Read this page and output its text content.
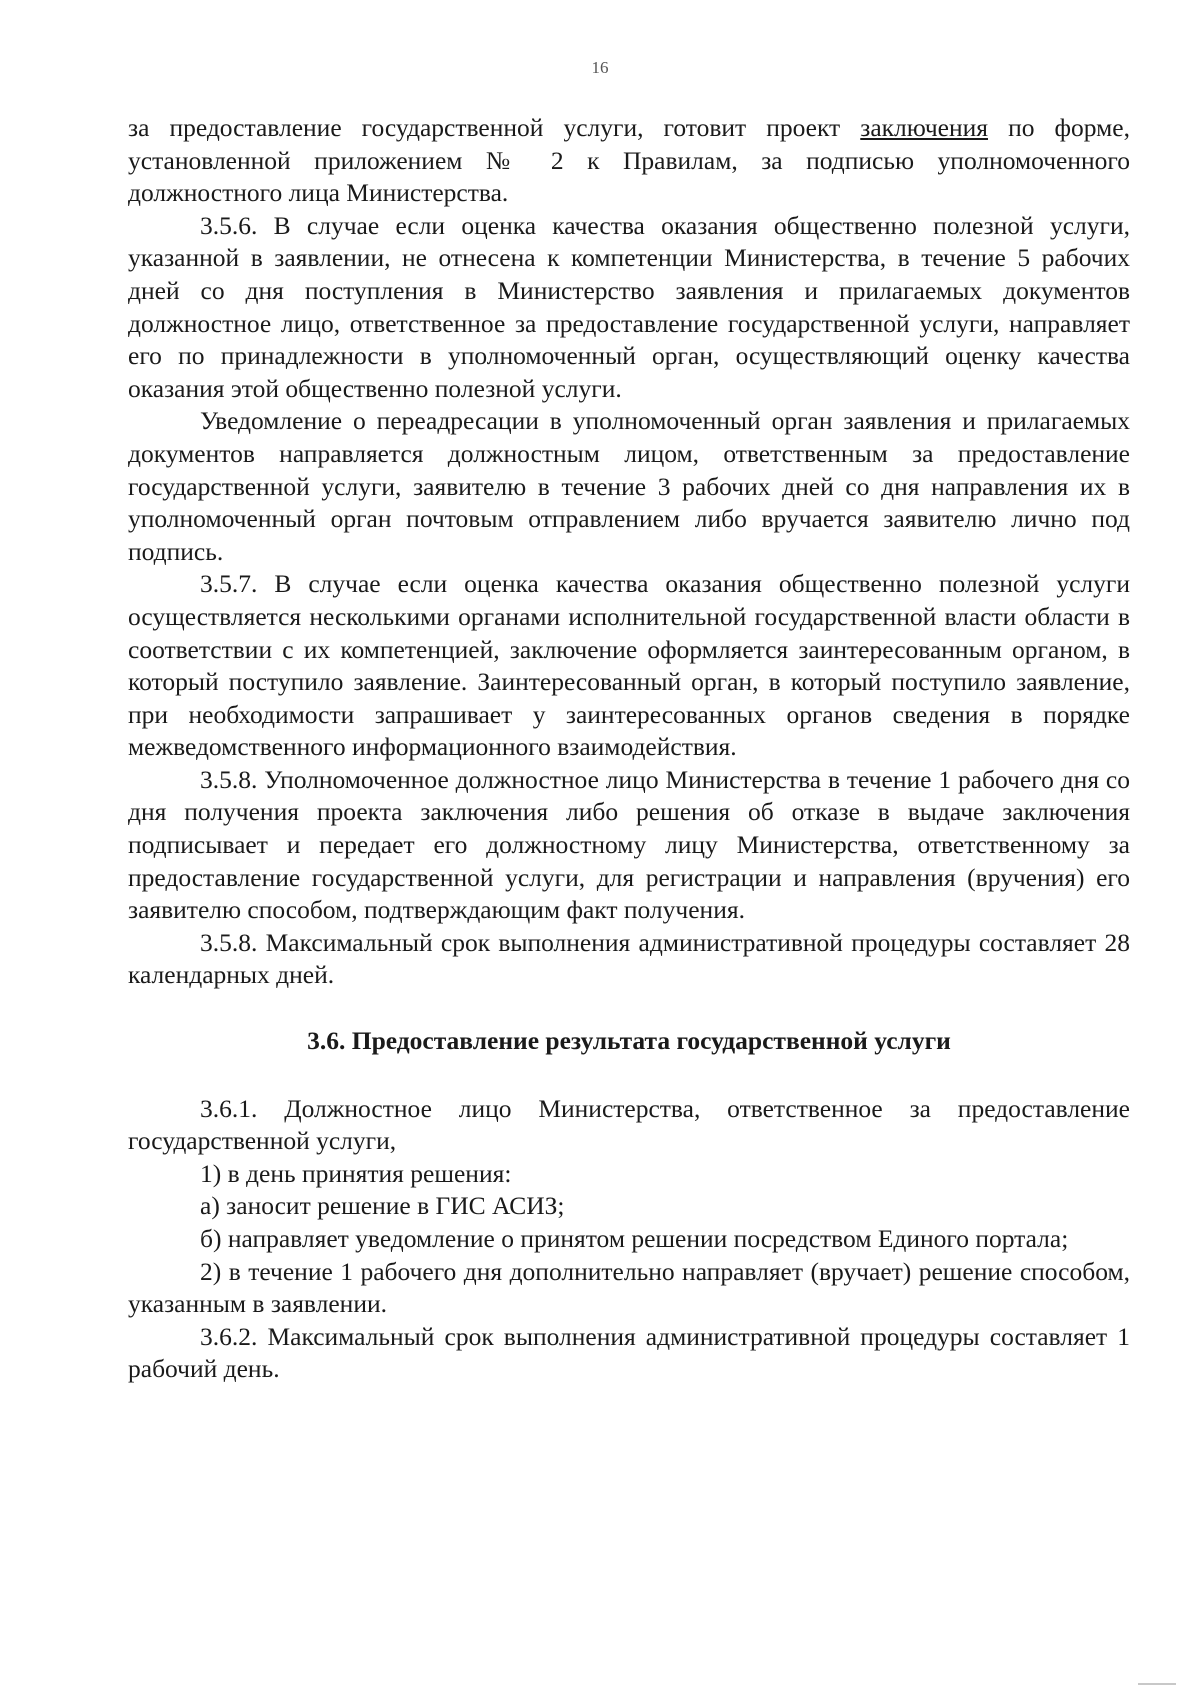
16

за предоставление государственной услуги, готовит проект заключения по форме, установленной приложением № 2 к Правилам, за подписью уполномоченного должностного лица Министерства.

3.5.6. В случае если оценка качества оказания общественно полезной услуги, указанной в заявлении, не отнесена к компетенции Министерства, в течение 5 рабочих дней со дня поступления в Министерство заявления и прилагаемых документов должностное лицо, ответственное за предоставление государственной услуги, направляет его по принадлежности в уполномоченный орган, осуществляющий оценку качества оказания этой общественно полезной услуги.

Уведомление о переадресации в уполномоченный орган заявления и прилагаемых документов направляется должностным лицом, ответственным за предоставление государственной услуги, заявителю в течение 3 рабочих дней со дня направления их в уполномоченный орган почтовым отправлением либо вручается заявителю лично под подпись.

3.5.7. В случае если оценка качества оказания общественно полезной услуги осуществляется несколькими органами исполнительной государственной власти области в соответствии с их компетенцией, заключение оформляется заинтересованным органом, в который поступило заявление. Заинтересованный орган, в который поступило заявление, при необходимости запрашивает у заинтересованных органов сведения в порядке межведомственного информационного взаимодействия.

3.5.8. Уполномоченное должностное лицо Министерства в течение 1 рабочего дня со дня получения проекта заключения либо решения об отказе в выдаче заключения подписывает и передает его должностному лицу Министерства, ответственному за предоставление государственной услуги, для регистрации и направления (вручения) его заявителю способом, подтверждающим факт получения.

3.5.8. Максимальный срок выполнения административной процедуры составляет 28 календарных дней.

3.6. Предоставление результата государственной услуги

3.6.1. Должностное лицо Министерства, ответственное за предоставление государственной услуги,

1) в день принятия решения:

а) заносит решение в ГИС АСИЗ;

б) направляет уведомление о принятом решении посредством Единого портала;

2) в течение 1 рабочего дня дополнительно направляет (вручает) решение способом, указанным в заявлении.

3.6.2. Максимальный срок выполнения административной процедуры составляет 1 рабочий день.
